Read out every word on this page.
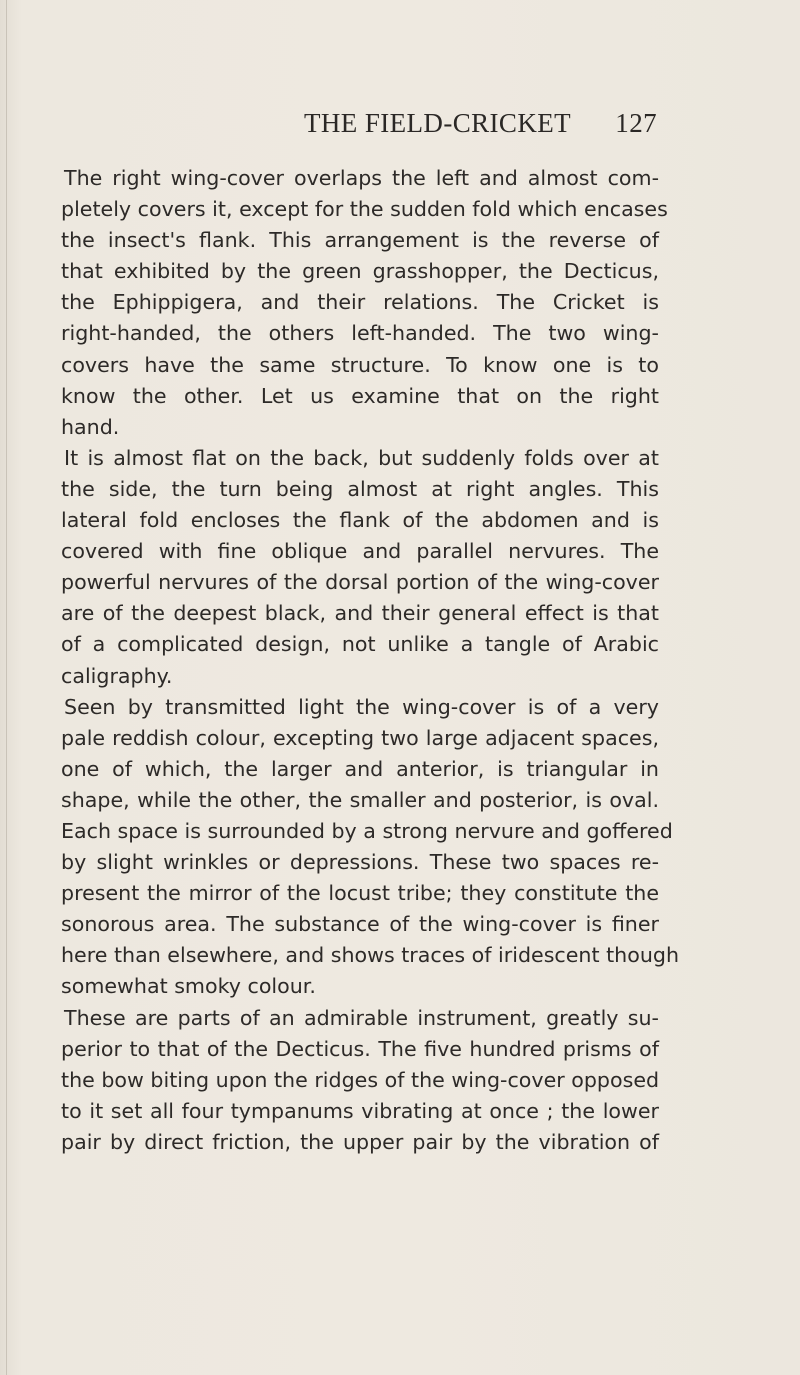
THE FIELD-CRICKET 127
The right wing-cover overlaps the left and almost com-
pletely covers it, except for the sudden fold which encases
the insect's flank. This arrangement is the reverse of
that exhibited by the green grasshopper, the Decticus,
the Ephippigera, and their relations. The Cricket is
right-handed, the others left-handed. The two wing-
covers have the same structure. To know one is to
know the other. Let us examine that on the right
hand.
It is almost flat on the back, but suddenly folds over at
the side, the turn being almost at right angles. This
lateral fold encloses the flank of the abdomen and is
covered with fine oblique and parallel nervures. The
powerful nervures of the dorsal portion of the wing-cover
are of the deepest black, and their general effect is that
of a complicated design, not unlike a tangle of Arabic
caligraphy.
Seen by transmitted light the wing-cover is of a very
pale reddish colour, excepting two large adjacent spaces,
one of which, the larger and anterior, is triangular in
shape, while the other, the smaller and posterior, is oval.
Each space is surrounded by a strong nervure and goffered
by slight wrinkles or depressions. These two spaces re-
present the mirror of the locust tribe; they constitute the
sonorous area. The substance of the wing-cover is finer
here than elsewhere, and shows traces of iridescent though
somewhat smoky colour.
These are parts of an admirable instrument, greatly su-
perior to that of the Decticus. The five hundred prisms of
the bow biting upon the ridges of the wing-cover opposed
to it set all four tympanums vibrating at once ; the lower
pair by direct friction, the upper pair by the vibration of
